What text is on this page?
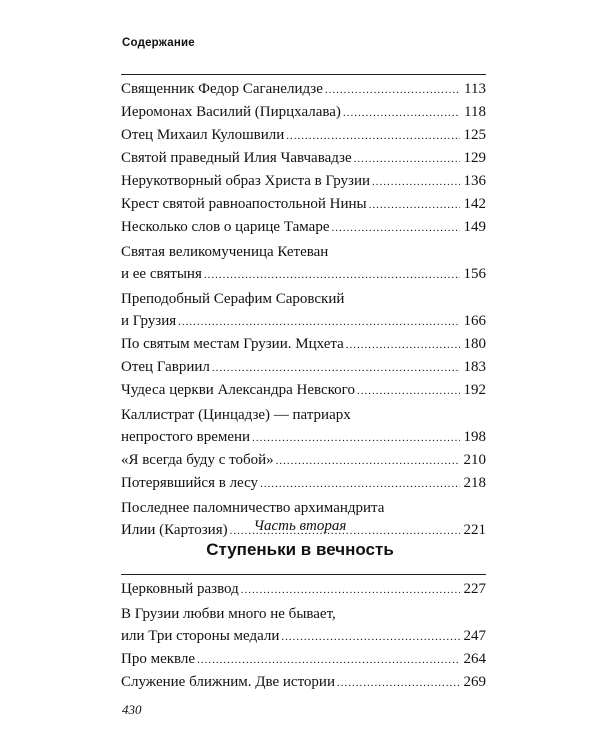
Содержание
Священник Федор Саганелидзе .....	113
Иеромонах Василий (Пирцхалава) .....	118
Отец Михаил Кулошвили .....	125
Святой праведный Илия Чавчавадзе .....	129
Нерукотворный образ Христа в Грузии .....	136
Крест святой равноапостольной Нины .....	142
Несколько слов о царице Тамаре .....	149
Святая великомученица Кетеван
и ее святыня .....	156
Преподобный Серафим Саровский
и Грузия .....	166
По святым местам Грузии. Мцхета .....	180
Отец Гавриил .....	183
Чудеса церкви Александра Невского .....	192
Каллистрат (Цинцадзе) — патриарх
непростого времени .....	198
«Я всегда буду с тобой» .....	210
Потерявшийся в лесу .....	218
Последнее паломничество архимандрита
Илии (Картозия) .....	221
Часть вторая
Ступеньки в вечность
Церковный развод .....	227
В Грузии любви много не бывает,
или Три стороны медали .....	247
Про меквле .....	264
Служение ближним. Две истории .....	269
430
